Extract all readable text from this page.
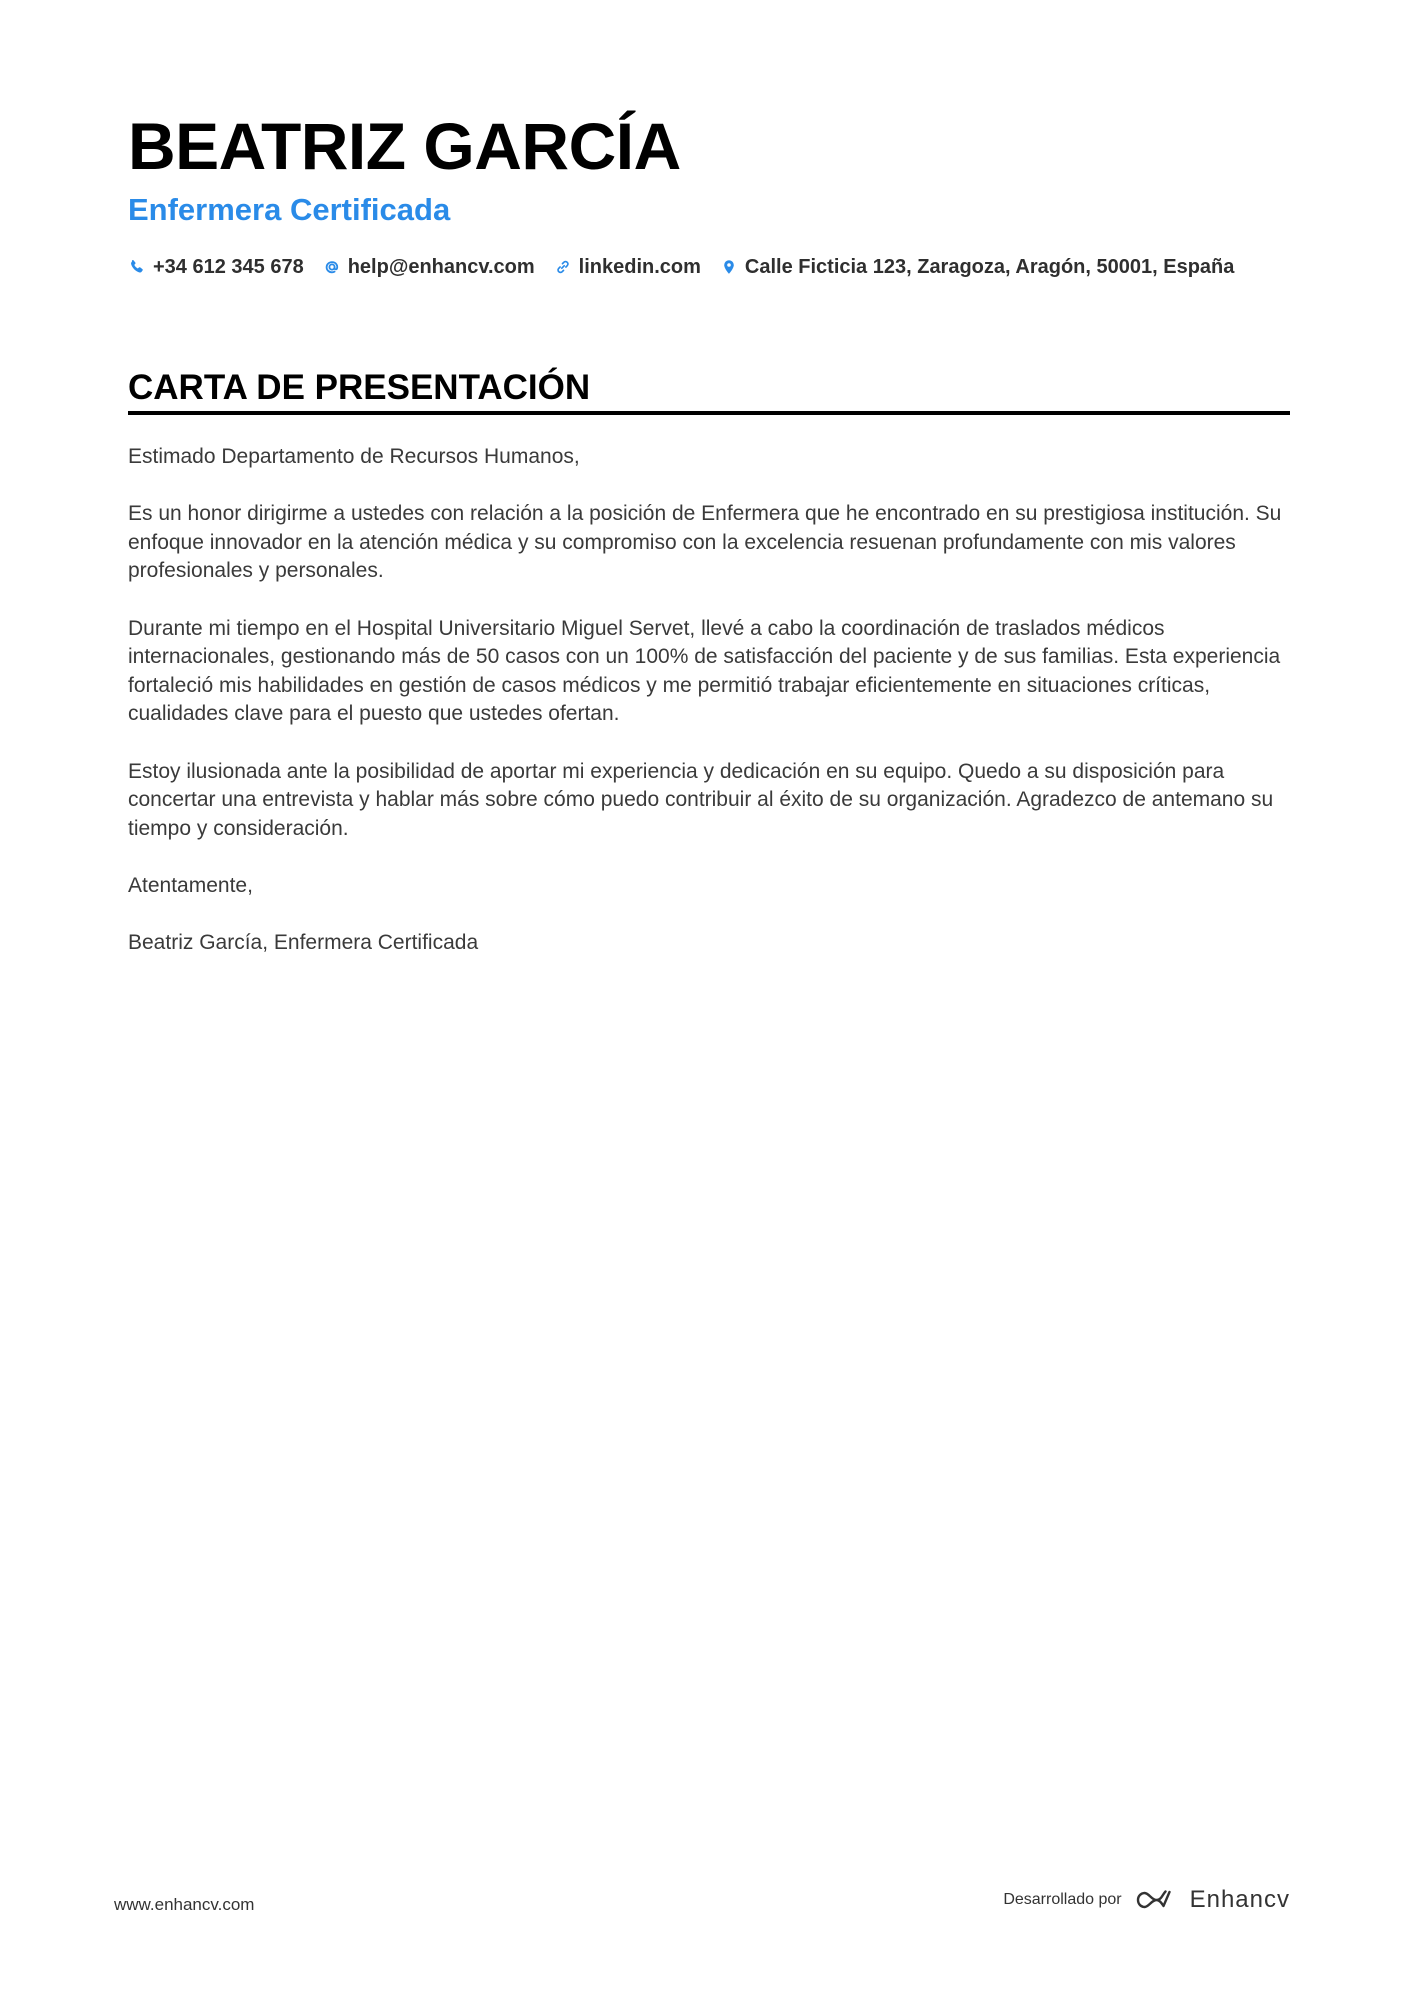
BEATRIZ GARCÍA
Enfermera Certificada
+34 612 345 678 help@enhancv.com linkedin.com Calle Ficticia 123, Zaragoza, Aragón, 50001, España
CARTA DE PRESENTACIÓN

Estimado Departamento de Recursos Humanos,

Es un honor dirigirme a ustedes con relación a la posición de Enfermera que he encontrado en su prestigiosa institución. Su enfoque innovador en la atención médica y su compromiso con la excelencia resuenan profundamente con mis valores profesionales y personales.

Durante mi tiempo en el Hospital Universitario Miguel Servet, llevé a cabo la coordinación de traslados médicos internacionales, gestionando más de 50 casos con un 100% de satisfacción del paciente y de sus familias. Esta experiencia fortaleció mis habilidades en gestión de casos médicos y me permitió trabajar eficientemente en situaciones críticas, cualidades clave para el puesto que ustedes ofertan.

Estoy ilusionada ante la posibilidad de aportar mi experiencia y dedicación en su equipo. Quedo a su disposición para concertar una entrevista y hablar más sobre cómo puedo contribuir al éxito de su organización. Agradezco de antemano su tiempo y consideración.

Atentamente,

Beatriz García, Enfermera Certificada

www.enhancv.com	Desarrollado por	Enhancv
